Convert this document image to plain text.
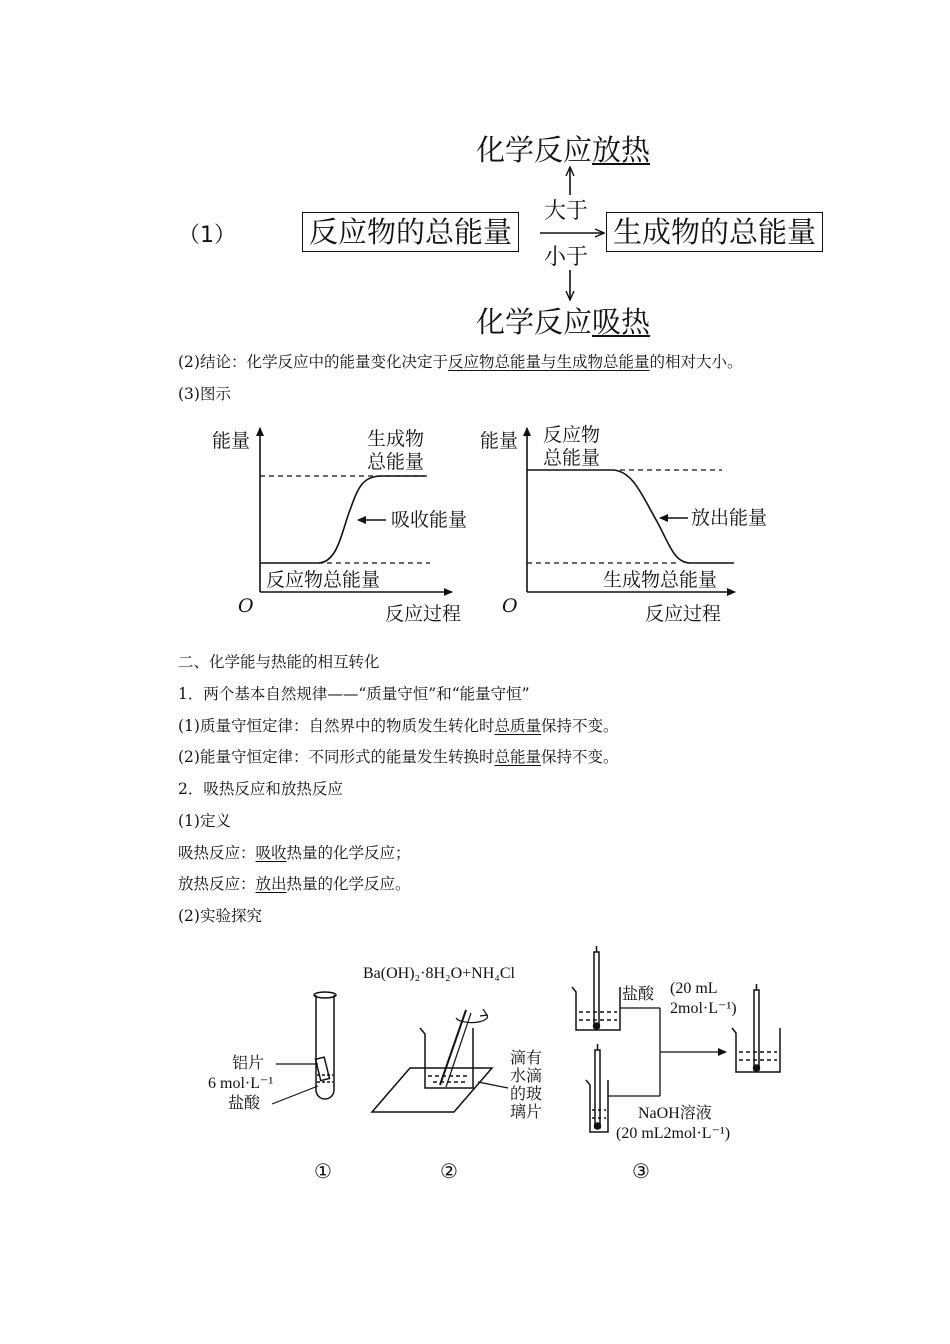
（1）
化学反应放热
反应物的总能量	生成物的总能量
大于
小于
化学反应吸热
(2)结论：化学反应中的能量变化决定于反应物总能量与生成物总能量的相对大小。
(3)图示
能量	生成物
总能量
吸收能量
反应物总能量
O	反应过程
能量 反应物
总能量
放出能量
生成物总能量
O	反应过程
二、化学能与热能的相互转化
1．两个基本自然规律——“质量守恒”和“能量守恒”
(1)质量守恒定律：自然界中的物质发生转化时总质量保持不变。
(2)能量守恒定律：不同形式的能量发生转换时总能量保持不变。
2．吸热反应和放热反应
(1)定义
吸热反应：吸收热量的化学反应；
放热反应：放出热量的化学反应。
(2)实验探究
铝片
6 mol·L⁻¹
盐酸
①
Ba(OH)₂·8H₂O+NH₄Cl
滴有
水滴
的玻
璃片
②
盐酸 (20 mL
2mol·L⁻¹)
NaOH溶液
(20 mL2mol·L⁻¹)
③
